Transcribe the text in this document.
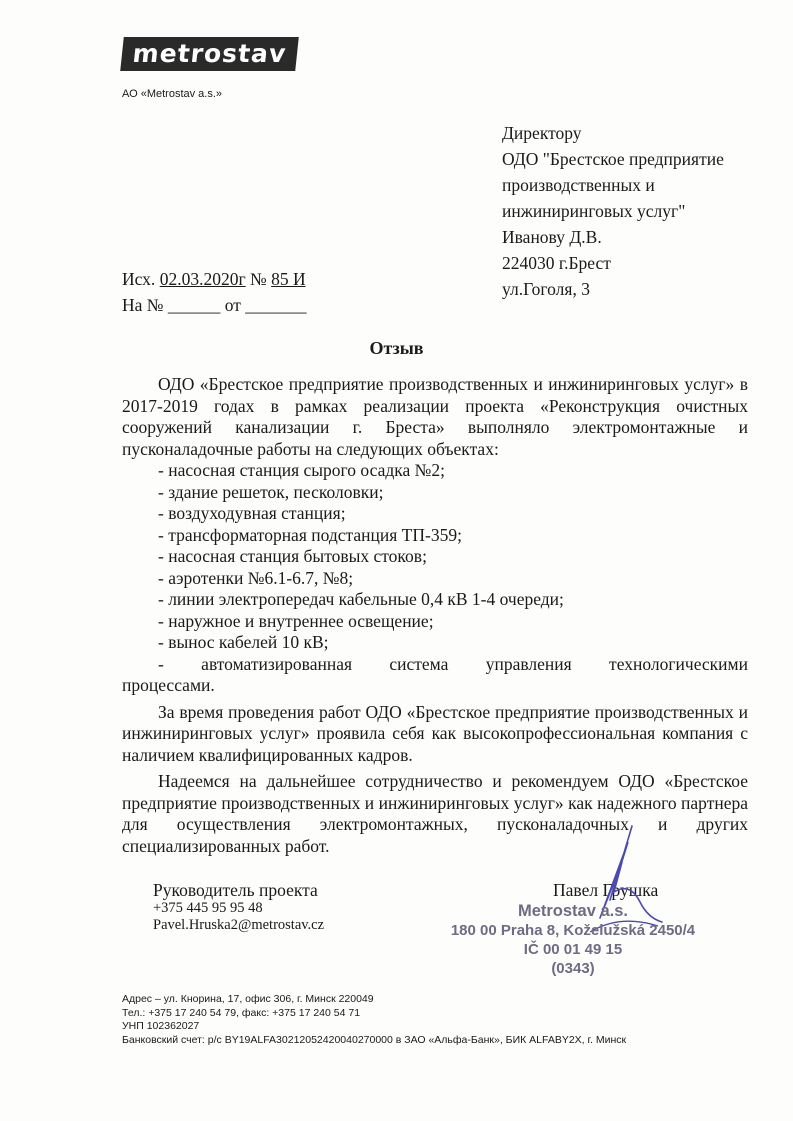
metrostav
АО «Metrostav a.s.»
Директору
ОДО "Брестское предприятие
производственных и
инжиниринговых услуг"
Иванову Д.В.
224030 г.Брест
ул.Гоголя, 3
Исх. 02.03.2020г № 85 И
На № ______ от _______
Отзыв

ОДО «Брестское предприятие производственных и инжиниринговых услуг» в 2017-2019 годах в рамках реализации проекта «Реконструкция очистных сооружений канализации г. Бреста» выполняло электромонтажные и пусконаладочные работы на следующих объектах:

- насосная станция сырого осадка №2;
- здание решеток, песколовки;
- воздуходувная станция;
- трансформаторная подстанция ТП-359;
- насосная станция бытовых стоков;
- аэротенки №6.1-6.7, №8;
- линии электропередач кабельные 0,4 кВ 1-4 очереди;
- наружное и внутреннее освещение;
- вынос кабелей 10 кВ;
- автоматизированная система управления технологическими
процессами.

За время проведения работ ОДО «Брестское предприятие производственных и инжиниринговых услуг» проявила себя как высокопрофессиональная компания с наличием квалифицированных кадров.

Надеемся на дальнейшее сотрудничество и рекомендуем ОДО «Брестское предприятие производственных и инжиниринговых услуг» как надежного партнера для осуществления электромонтажных, пусконаладочных и других специализированных работ.

Руководитель проекта
+375 445 95 95 48
Pavel.Hruska2@metrostav.cz
Павел Грушка
Metrostav a.s.
180 00 Praha 8, Koželužská 2450/4
IČ 00 01 49 15
(0343)
Адрес – ул. Кнорина, 17, офис 306, г. Минск 220049
Тел.: +375 17 240 54 79, факс: +375 17 240 54 71
УНП 102362027
Банковский счет: р/с BY19ALFA30212052420040270000 в ЗАО «Альфа-Банк», БИК ALFABY2X, г. Минск
